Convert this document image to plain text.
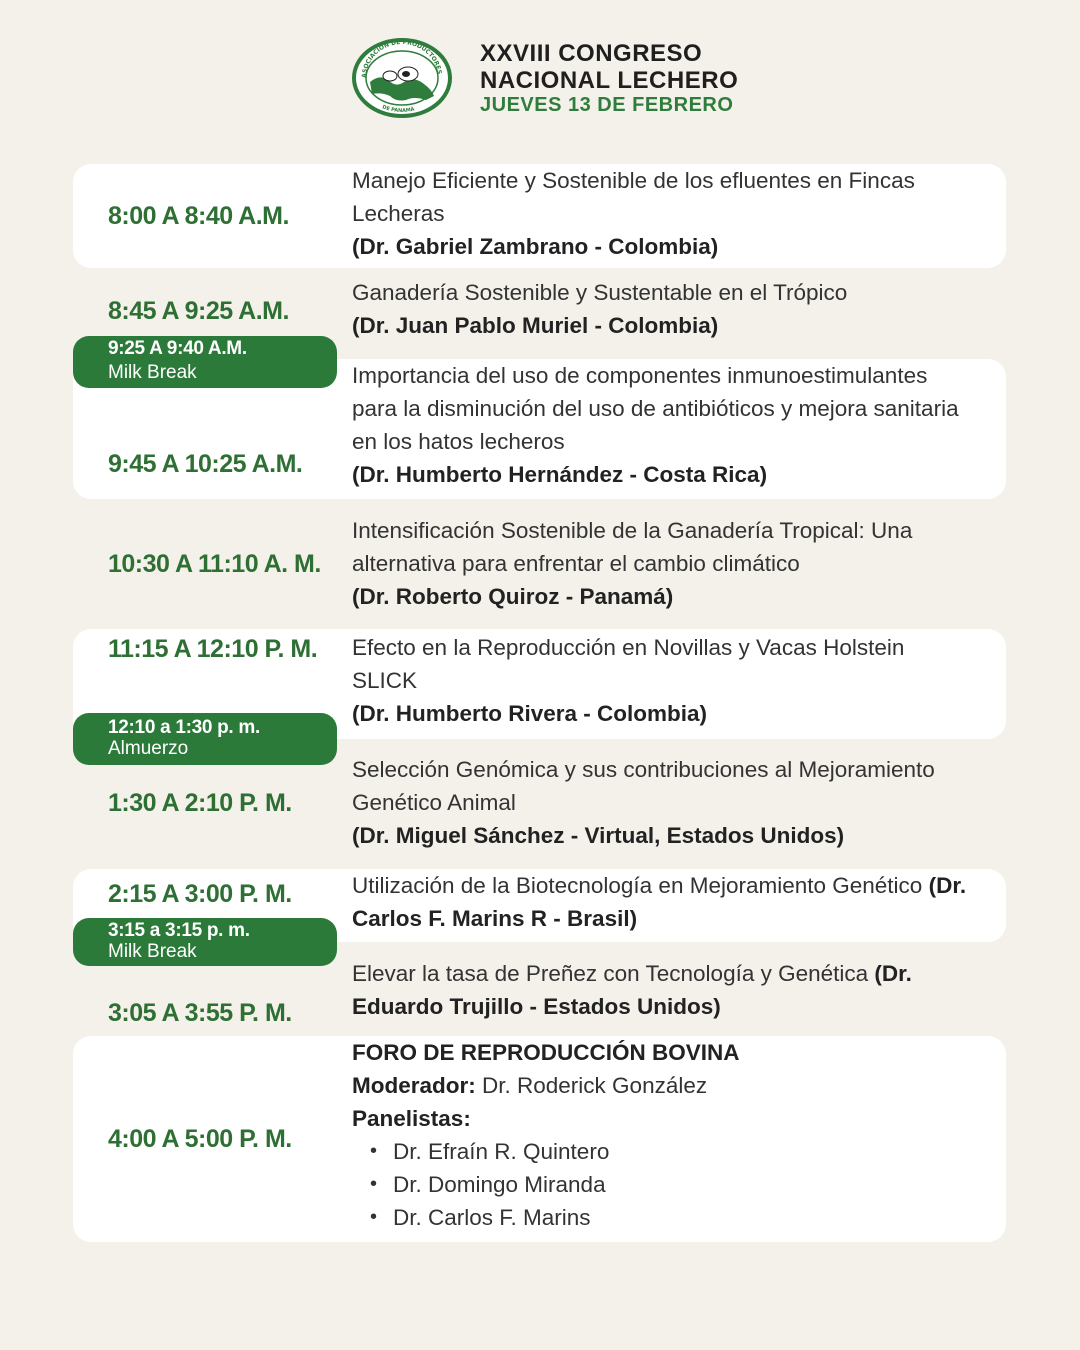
ASOCIACIÓN DE PRODUCTORES
DE PANAMÁ
XXVIII CONGRESO
NACIONAL LECHERO
JUEVES 13 DE FEBRERO
8:00 A 8:40 A.M.
Manejo Eficiente y Sostenible de los efluentes en Fincas Lecheras
(Dr. Gabriel Zambrano - Colombia)
8:45 A 9:25 A.M.
Ganadería Sostenible y Sustentable en el Trópico
(Dr. Juan Pablo Muriel - Colombia)
9:25 A 9:40 A.M.
Milk Break
9:45 A 10:25 A.M.
Importancia del uso de componentes inmunoestimulantes para la disminución del uso de antibióticos y mejora sanitaria en los hatos lecheros
(Dr. Humberto Hernández - Costa Rica)
10:30 A 11:10 A. M.
Intensificación Sostenible de la Ganadería Tropical: Una alternativa para enfrentar el cambio climático
(Dr. Roberto Quiroz - Panamá)
11:15 A 12:10 P. M. Efecto en la Reproducción en Novillas y Vacas Holstein SLICK
(Dr. Humberto Rivera - Colombia)
12:10 a 1:30 p. m.
Almuerzo
1:30 A 2:10 P. M.
Selección Genómica y sus contribuciones al Mejoramiento Genético Animal
(Dr. Miguel Sánchez - Virtual, Estados Unidos)
2:15 A 3:00 P. M.	Utilización de la Biotecnología en Mejoramiento Genético (Dr. Carlos F. Marins R - Brasil)
3:15 a 3:15 p. m.
Milk Break
3:05 A 3:55 P. M.
Elevar la tasa de Preñez con Tecnología y Genética (Dr. Eduardo Trujillo - Estados Unidos)
4:00 A 5:00 P. M.
FORO DE REPRODUCCIÓN BOVINA
Moderador: Dr. Roderick González
Panelistas:
• Dr. Efraín R. Quintero
• Dr. Domingo Miranda
• Dr. Carlos F. Marins
